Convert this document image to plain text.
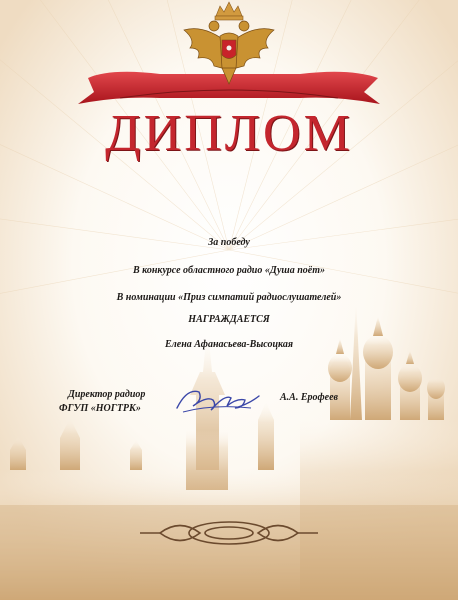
ДИПЛОМ
За победу
В конкурсе областного радио «Душа поёт»
В номинации «Приз симпатий радиослушателей»
НАГРАЖДАЕТСЯ
Елена Афанасьева-Высоцкая
Директор радиор
ФГУП «НОГТРК»
А.А. Ерофеев
